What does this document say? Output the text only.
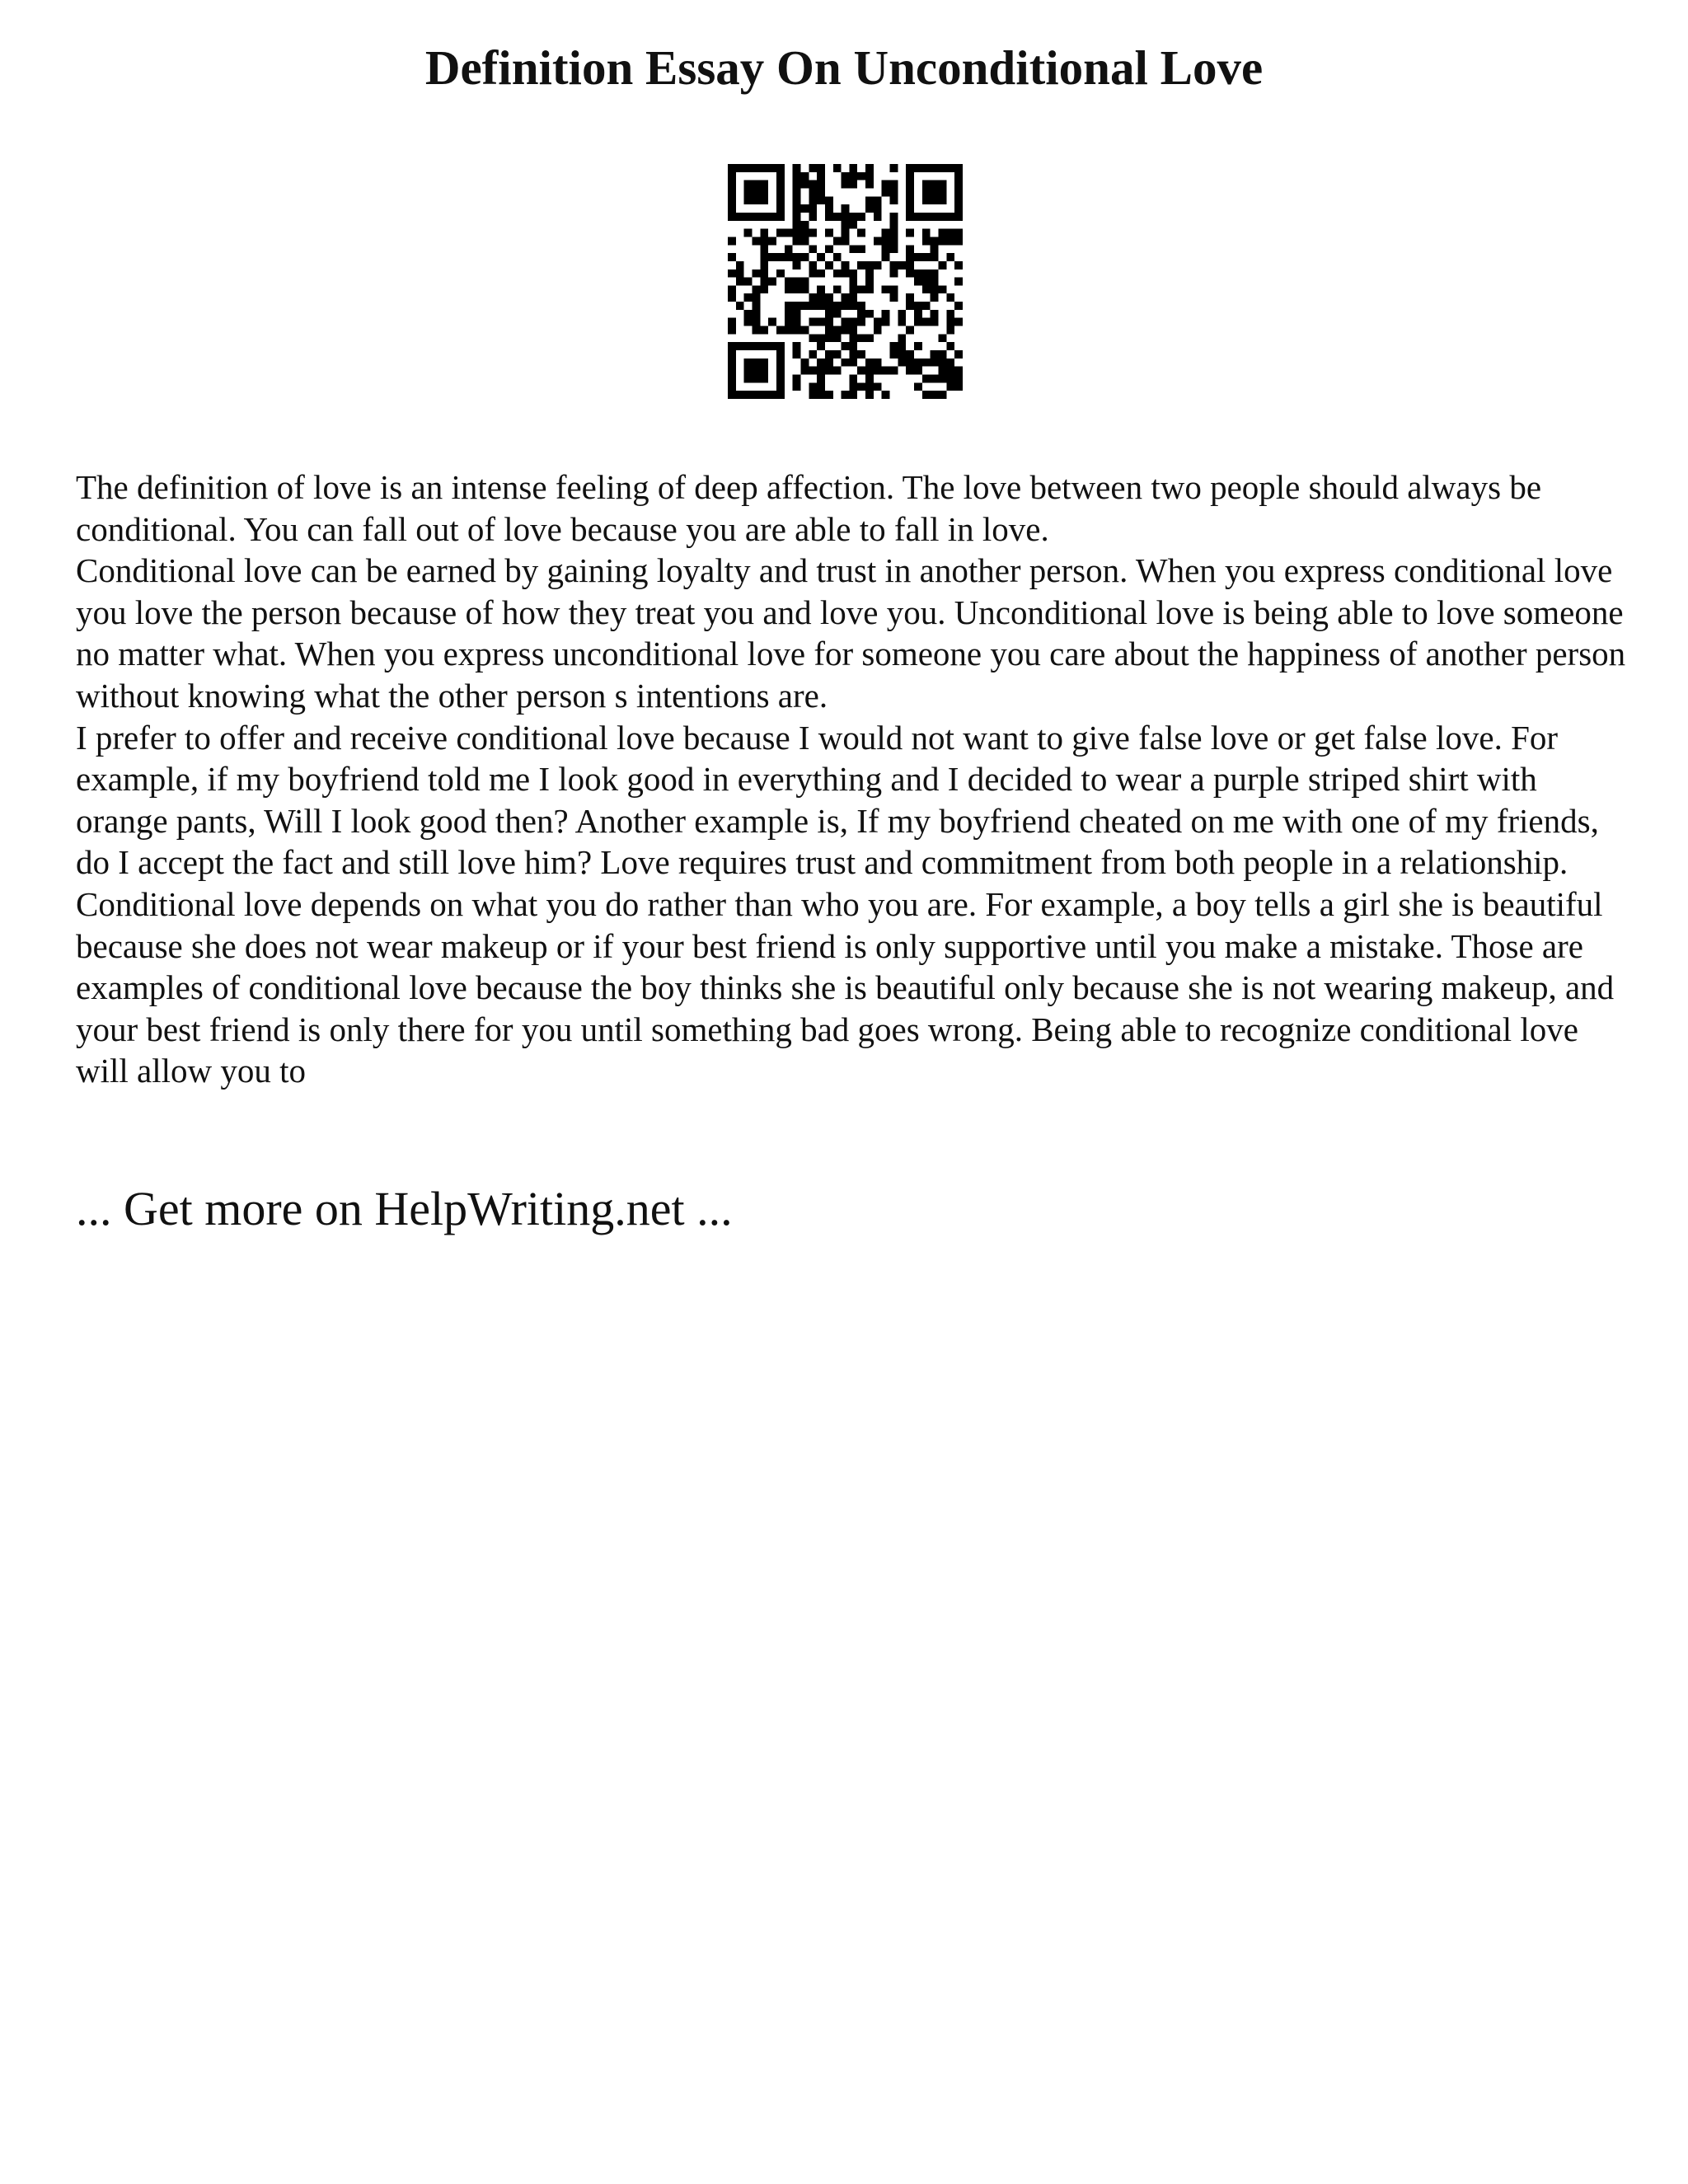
Definition Essay On Unconditional Love

The definition of love is an intense feeling of deep affection. The love between two people should always be conditional. You can fall out of love because you are able to fall in love.

Conditional love can be earned by gaining loyalty and trust in another person. When you express conditional love you love the person because of how they treat you and love you. Unconditional love is being able to love someone no matter what. When you express unconditional love for someone you care about the happiness of another person without knowing what the other person s intentions are.

I prefer to offer and receive conditional love because I would not want to give false love or get false love. For example, if my boyfriend told me I look good in everything and I decided to wear a purple striped shirt with orange pants, Will I look good then? Another example is, If my boyfriend cheated on me with one of my friends, do I accept the fact and still love him? Love requires trust and commitment from both people in a relationship.

Conditional love depends on what you do rather than who you are. For example, a boy tells a girl she is beautiful because she does not wear makeup or if your best friend is only supportive until you make a mistake. Those are examples of conditional love because the boy thinks she is beautiful only because she is not wearing makeup, and your best friend is only there for you until something bad goes wrong. Being able to recognize conditional love will allow you to

... Get more on HelpWriting.net ...
